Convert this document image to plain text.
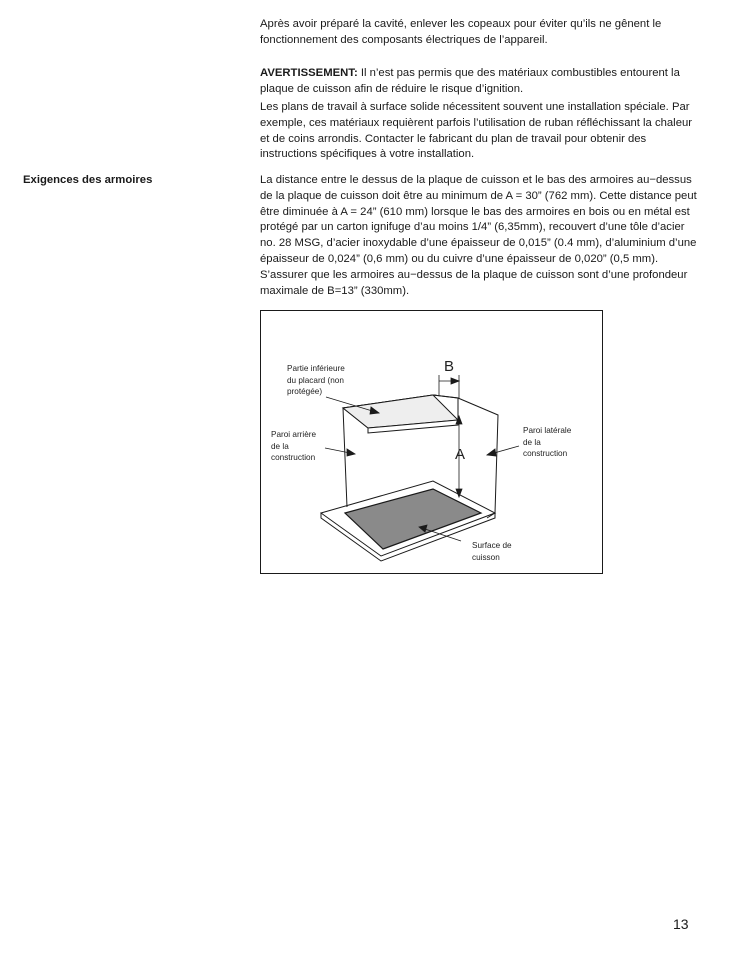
Après avoir préparé la cavité, enlever les copeaux pour éviter qu’ils ne gênent le fonctionnement des composants électriques de l’appareil.

AVERTISSEMENT: Il n’est pas permis que des matériaux combustibles entourent la plaque de cuisson afin de réduire le risque d’ignition.

Les plans de travail à surface solide nécessitent souvent une installation spéciale. Par exemple, ces matériaux requièrent parfois l’utilisation de ruban réfléchissant la chaleur et de coins arrondis. Contacter le fabricant du plan de travail pour obtenir des instructions spécifiques à votre installation.

Exigences des armoires	La distance entre le dessus de la plaque de cuisson et le bas des armoires au−dessus de la plaque de cuisson doit être au minimum de A = 30” (762 mm). Cette distance peut être diminuée à A = 24” (610 mm) lorsque le bas des armoires en bois ou en métal est protégé par un carton ignifuge d’au moins 1/4” (6,35mm), recouvert d’une tôle d’acier no. 28 MSG, d’acier inoxydable d’une épaisseur de 0,015” (0.4 mm), d’aluminium d’une épaisseur de 0,024” (0,6 mm) ou du cuivre d’une épaisseur de 0,020” (0,5 mm). S’assurer que les armoires au−dessus de la plaque de cuisson sont d’une profondeur maximale de B=13” (330mm).

Partie inférieure
du placard (non
protégée)
Paroi arrière
de la
construction
Paroi latérale
de la
construction
Surface de
cuisson
A
B
13
